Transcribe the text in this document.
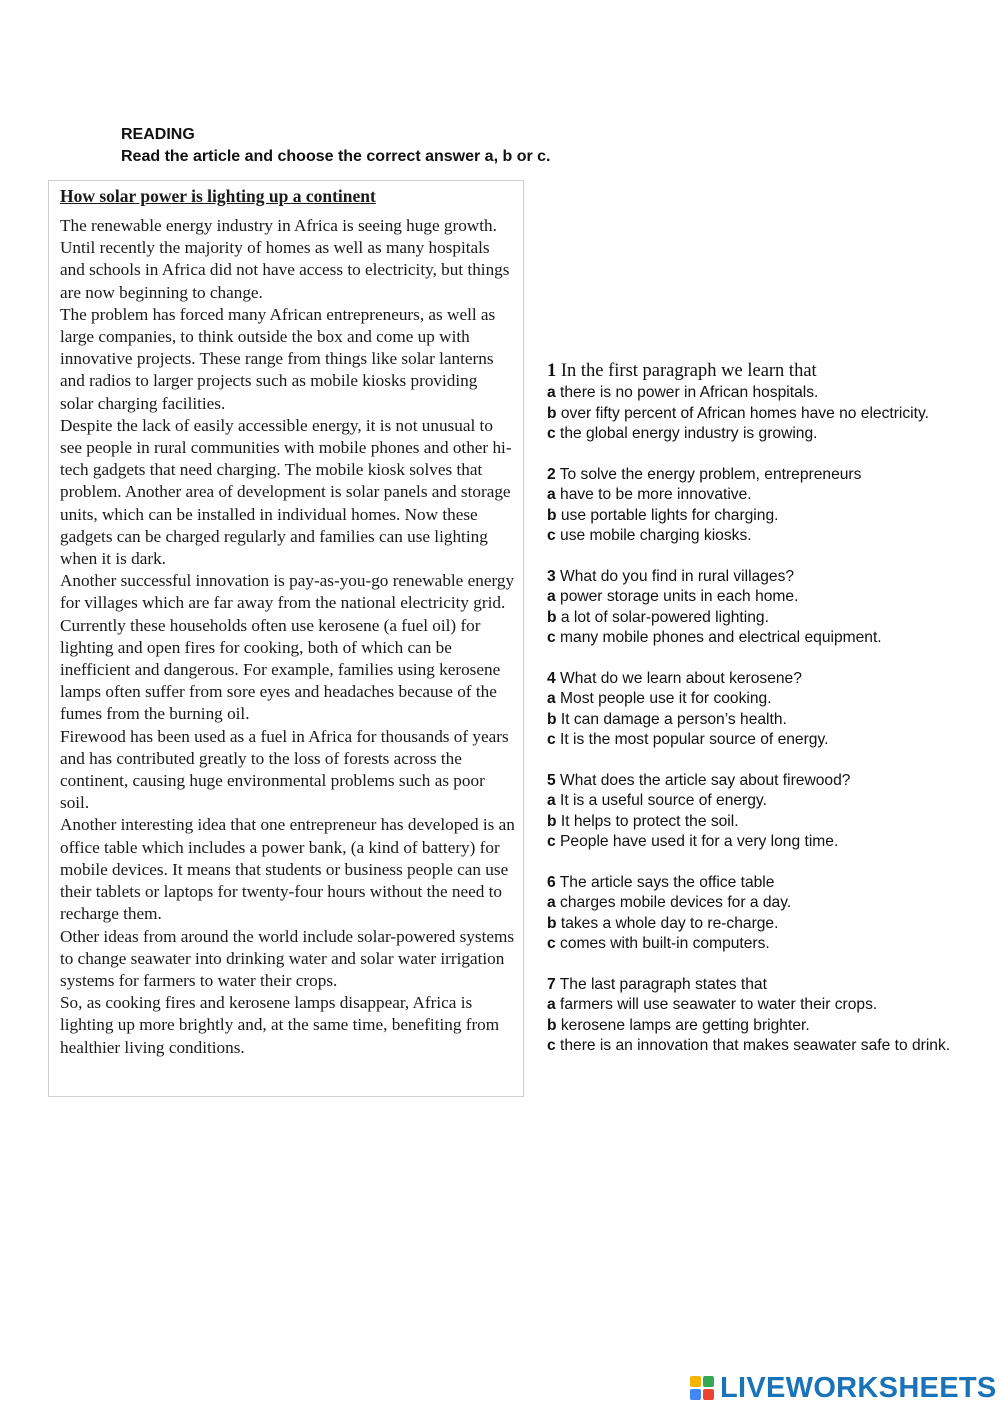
READING
Read the article and choose the correct answer a, b or c.
How solar power is lighting up a continent

The renewable energy industry in Africa is seeing huge growth. Until recently the majority of homes as well as many hospitals and schools in Africa did not have access to electricity, but things are now beginning to change.

The problem has forced many African entrepreneurs, as well as large companies, to think outside the box and come up with innovative projects. These range from things like solar lanterns and radios to larger projects such as mobile kiosks providing solar charging facilities.

Despite the lack of easily accessible energy, it is not unusual to see people in rural communities with mobile phones and other hi-tech gadgets that need charging. The mobile kiosk solves that problem. Another area of development is solar panels and storage units, which can be installed in individual homes. Now these gadgets can be charged regularly and families can use lighting when it is dark.

Another successful innovation is pay-as-you-go renewable energy for villages which are far away from the national electricity grid. Currently these households often use kerosene (a fuel oil) for lighting and open fires for cooking, both of which can be inefficient and dangerous. For example, families using kerosene lamps often suffer from sore eyes and headaches because of the fumes from the burning oil.

Firewood has been used as a fuel in Africa for thousands of years and has contributed greatly to the loss of forests across the continent, causing huge environmental problems such as poor soil.

Another interesting idea that one entrepreneur has developed is an office table which includes a power bank, (a kind of battery) for mobile devices. It means that students or business people can use their tablets or laptops for twenty-four hours without the need to recharge them.

Other ideas from around the world include solar-powered systems to change seawater into drinking water and solar water irrigation systems for farmers to water their crops.

So, as cooking fires and kerosene lamps disappear, Africa is lighting up more brightly and, at the same time, benefiting from healthier living conditions.

1 In the first paragraph we learn that
a there is no power in African hospitals.
b over fifty percent of African homes have no electricity.
c the global energy industry is growing.
2 To solve the energy problem, entrepreneurs
a have to be more innovative.
b use portable lights for charging.
c use mobile charging kiosks.
3 What do you find in rural villages?
a power storage units in each home.
b a lot of solar-powered lighting.
c many mobile phones and electrical equipment.
4 What do we learn about kerosene?
a Most people use it for cooking.
b It can damage a person’s health.
c It is the most popular source of energy.
5 What does the article say about firewood?
a It is a useful source of energy.
b It helps to protect the soil.
c People have used it for a very long time.
6 The article says the office table
a charges mobile devices for a day.
b takes a whole day to re-charge.
c comes with built-in computers.
7 The last paragraph states that
a farmers will use seawater to water their crops.
b kerosene lamps are getting brighter.
c there is an innovation that makes seawater safe to drink.
LIVEWORKSHEETS
